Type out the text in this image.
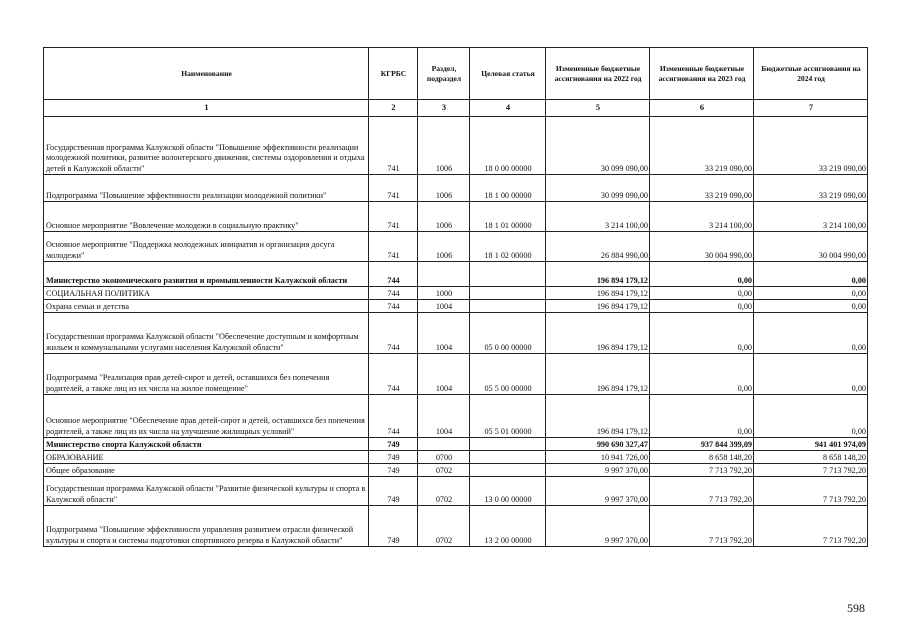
Наименование	КГРБС	Раздел, подраздел	Целевая статья	Измененные бюджетные ассигнования на 2022 год	Измененные бюджетные ассигнования на 2023 год	Бюджетные ассигнования на 2024 год
1	2	3	4	5	6	7
Государственная программа Калужской области "Повышение эффективности реализации молодежной политики, развитие волонтерского движения, системы оздоровления и отдыха детей в Калужской области"	741	1006	18 0 00 00000	30 099 090,00	33 219 090,00	33 219 090,00
Подпрограмма "Повышение эффективности реализации молодежной политики"	741	1006	18 1 00 00000	30 099 090,00	33 219 090,00	33 219 090,00
Основное мероприятие "Вовлечение молодежи в социальную практику"	741	1006	18 1 01 00000	3 214 100,00	3 214 100,00	3 214 100,00
Основное мероприятие "Поддержка молодежных инициатив и организация досуга молодежи"	741	1006	18 1 02 00000	26 884 990,00	30 004 990,00	30 004 990,00
Министерство экономического развития и промышленности Калужской области	744			196 894 179,12	0,00	0,00
СОЦИАЛЬНАЯ ПОЛИТИКА	744	1000		196 894 179,12	0,00	0,00
Охрана семьи и детства	744	1004		196 894 179,12	0,00	0,00
Государственная программа Калужской области "Обеспечение доступным и комфортным жильем и коммунальными услугами населения Калужской области"	744	1004	05 0 00 00000	196 894 179,12	0,00	0,00
Подпрограмма "Реализация прав детей-сирот и детей, оставшихся без попечения родителей, а также лиц из их числа на жилое помещение"	744	1004	05 5 00 00000	196 894 179,12	0,00	0,00
Основное мероприятие "Обеспечение прав детей-сирот и детей, оставшихся без попечения родителей, а также лиц из их числа на улучшение жилищных условий"	744	1004	05 5 01 00000	196 894 179,12	0,00	0,00
Министерство спорта Калужской области	749			990 690 327,47	937 844 399,09	941 401 974,09
ОБРАЗОВАНИЕ	749	0700		10 941 726,00	8 658 148,20	8 658 148,20
Общее образование	749	0702		9 997 370,00	7 713 792,20	7 713 792,20
Государственная программа Калужской области "Развитие физической культуры и спорта в Калужской области"	749	0702	13 0 00 00000	9 997 370,00	7 713 792,20	7 713 792,20
Подпрограмма "Повышение эффективности управления развитием отрасли физической культуры и спорта и системы подготовки спортивного резерва в Калужской области"	749	0702	13 2 00 00000	9 997 370,00	7 713 792,20	7 713 792,20
598
